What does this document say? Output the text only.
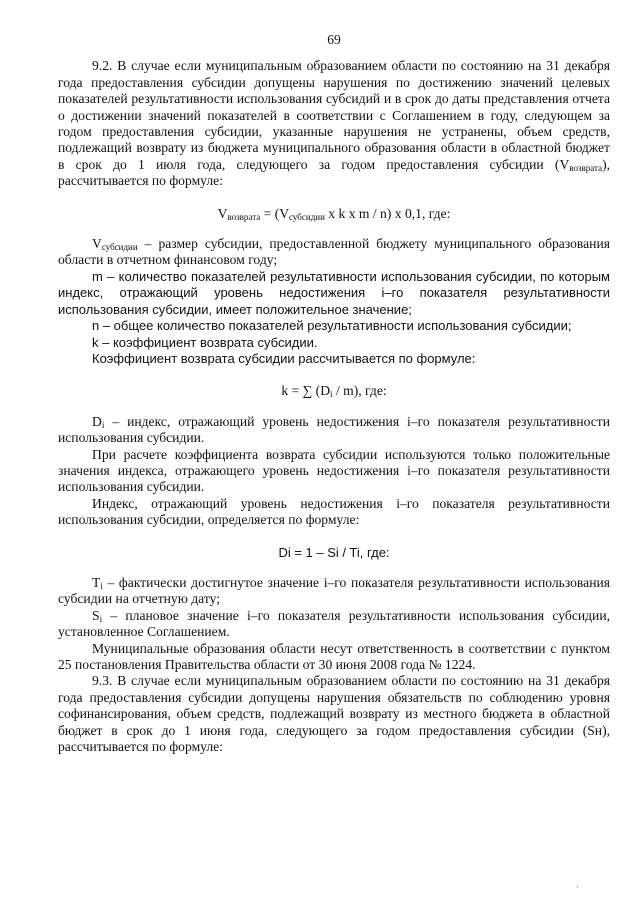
69

9.2. В случае если муниципальным образованием области по состоянию на 31 декабря года предоставления субсидии допущены нарушения по достижению значений целевых показателей результативности использования субсидий и в срок до даты представления отчета о достижении значений показателей в соответствии с Соглашением в году, следующем за годом предоставления субсидии, указанные нарушения не устранены, объем средств, подлежащий возврату из бюджета муниципального образования области в областной бюджет в срок до 1 июля года, следующего за годом предоставления субсидии $(V_{возврата})$, рассчитывается по формуле:

$V_{возврата} = (V_{субсидии}$ x k x m / n) x 0,1, где:

$V_{субсидии}$ – размер субсидии, предоставленной бюджету муниципального образования области в отчетном финансовом году;

m – количество показателей результативности использования субсидии, по которым индекс, отражающий уровень недостижения i–го показателя результативности использования субсидии, имеет положительное значение;

n – общее количество показателей результативности использования субсидии;

k – коэффициент возврата субсидии.

Коэффициент возврата субсидии рассчитывается по формуле:

k = ∑ $(D_i / m)$, где:

$D_i$ – индекс, отражающий уровень недостижения i–го показателя результативности использования субсидии.

При расчете коэффициента возврата субсидии используются только положительные значения индекса, отражающего уровень недостижения i–го показателя результативности использования субсидии.

Индекс, отражающий уровень недостижения i–го показателя результативности использования субсидии, определяется по формуле:

Di = 1 – Si / Ti, где:

$T_i$ – фактически достигнутое значение i–го показателя результативности использования субсидии на отчетную дату;

$S_i$ – плановое значение i–го показателя результативности использования субсидии, установленное Соглашением.

Муниципальные образования области несут ответственность в соответствии с пунктом 25 постановления Правительства области от 30 июня 2008 года № 1224.

9.3. В случае если муниципальным образованием области по состоянию на 31 декабря года предоставления субсидии допущены нарушения обязательств по соблюдению уровня софинансирования, объем средств, подлежащий возврату из местного бюджета в областной бюджет в срок до 1 июня года, следующего за годом предоставления субсидии (Sн), рассчитывается по формуле:

'
